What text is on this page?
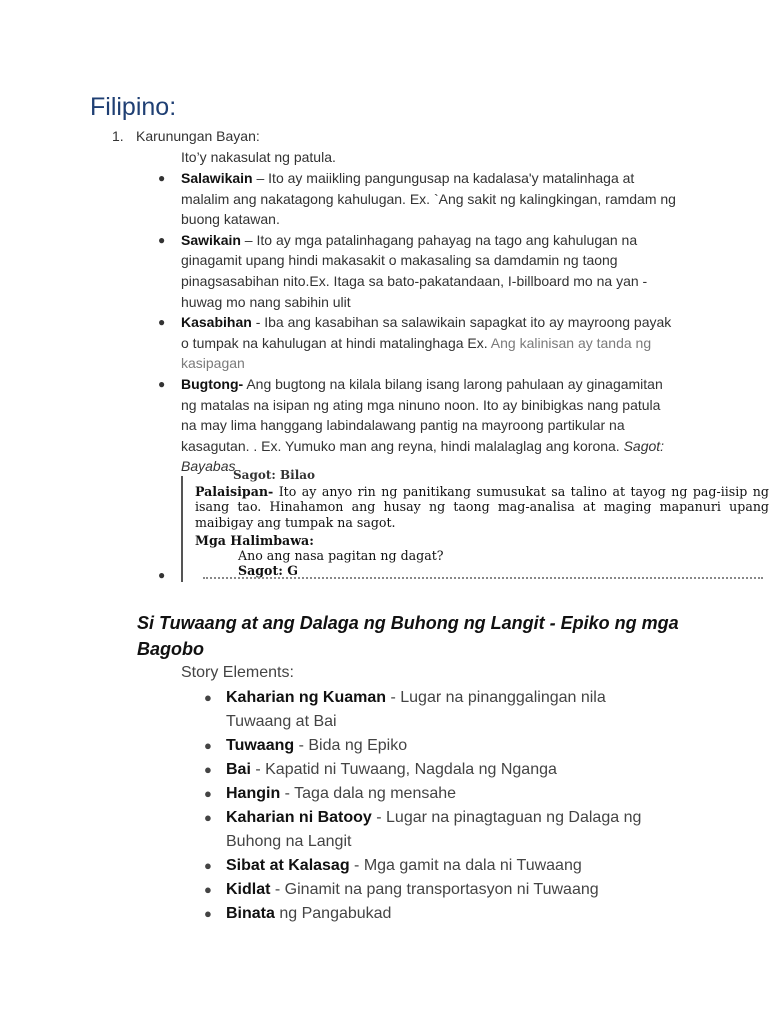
Filipino:
1. Karunungan Bayan:
Ito’y nakasulat ng patula.
● Salawikain – Ito ay maiikling pangungusap na kadalasa'y matalinhaga at malalim ang nakatagong kahulugan. Ex. `Ang sakit ng kalingkingan, ramdam ng buong katawan.
● Sawikain – Ito ay mga patalinhagang pahayag na tago ang kahulugan na ginagamit upang hindi makasakit o makasaling sa damdamin ng taong pinagsasabihan nito.Ex. Itaga sa bato-pakatandaan, I-billboard mo na yan - huwag mo nang sabihin ulit
● Kasabihan - Iba ang kasabihan sa salawikain sapagkat ito ay mayroong payak o tumpak na kahulugan at hindi matalinghaga Ex. Ang kalinisan ay tanda ng kasipagan
● Bugtong- Ang bugtong na kilala bilang isang larong pahulaan ay ginagamitan ng matalas na isipan ng ating mga ninuno noon. Ito ay binibigkas nang patula na may lima hanggang labindalawang pantig na mayroong partikular na kasagutan. . Ex. Yumuko man ang reyna, hindi malalaglag ang korona. Sagot: Bayabas
Sagot: Bilao
Palaisipan- Ito ay anyo rin ng panitikang sumusukat sa talino at tayog ng pag-iisip ng isang tao. Hinahamon ang husay ng taong mag-analisa at maging mapanuri upang maibigay ang tumpak na sagot.
Mga Halimbawa:
Ano ang nasa pagitan ng dagat?
Sagot: G
●
Si Tuwaang at ang Dalaga ng Buhong ng Langit - Epiko ng mga Bagobo
Story Elements:
● Kaharian ng Kuaman - Lugar na pinanggalingan nila Tuwaang at Bai
● Tuwaang - Bida ng Epiko
● Bai - Kapatid ni Tuwaang, Nagdala ng Nganga
● Hangin - Taga dala ng mensahe
● Kaharian ni Batooy - Lugar na pinagtaguan ng Dalaga ng Buhong na Langit
● Sibat at Kalasag - Mga gamit na dala ni Tuwaang
● Kidlat - Ginamit na pang transportasyon ni Tuwaang
● Binata ng Pangabukad
